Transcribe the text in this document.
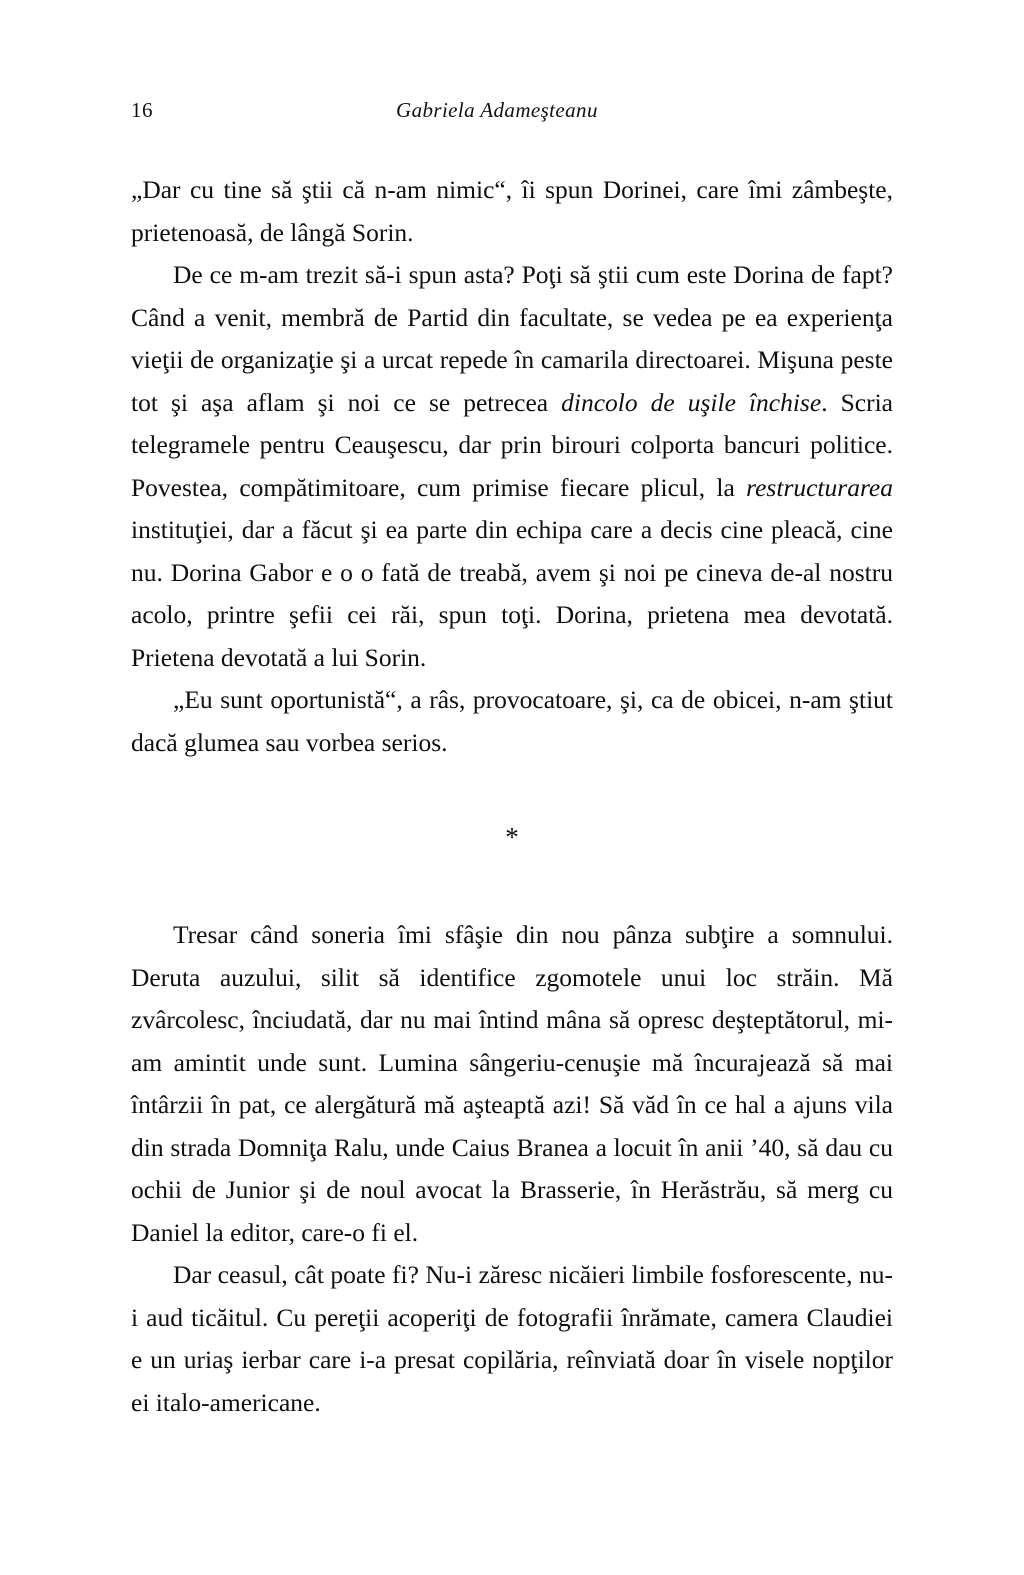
16	Gabriela Adameşteanu

„Dar cu tine să ştii că n-am nimic“, îi spun Dorinei, care îmi zâmbeşte, prietenoasă, de lângă Sorin.

De ce m-am trezit să-i spun asta? Poţi să ştii cum este Dorina de fapt? Când a venit, membră de Partid din facultate, se vedea pe ea experienţa vieţii de organizaţie şi a urcat repede în camarila directoarei. Mişuna peste tot şi aşa aflam şi noi ce se petrecea dincolo de uşile închise. Scria telegramele pentru Ceauşescu, dar prin birouri colporta bancuri politice. Povestea, compătimitoare, cum primise fiecare plicul, la restructurarea instituţiei, dar a făcut şi ea parte din echipa care a decis cine pleacă, cine nu. Dorina Gabor e o o fată de treabă, avem şi noi pe cineva de-al nostru acolo, printre şefii cei răi, spun toţi. Dorina, prietena mea devotată. Prietena devotată a lui Sorin.

„Eu sunt oportunistă“, a râs, provocatoare, şi, ca de obicei, n-am ştiut dacă glumea sau vorbea serios.

*

Tresar când soneria îmi sfâşie din nou pânza subţire a somnului. Deruta auzului, silit să identifice zgomotele unui loc străin. Mă zvârcolesc, înciudată, dar nu mai întind mâna să opresc deşteptătorul, mi-am amintit unde sunt. Lumina sângeriu-cenuşie mă încurajează să mai întârzii în pat, ce alergătură mă aşteaptă azi! Să văd în ce hal a ajuns vila din strada Domniţa Ralu, unde Caius Branea a locuit în anii ’40, să dau cu ochii de Junior şi de noul avocat la Brasserie, în Herăstrău, să merg cu Daniel la editor, care-o fi el.

Dar ceasul, cât poate fi? Nu-i zăresc nicăieri limbile fosforescente, nu-i aud ticăitul. Cu pereţii acoperiţi de fotografii înrămate, camera Claudiei e un uriaş ierbar care i-a presat copilăria, reînviată doar în visele nopţilor ei italo-americane.
